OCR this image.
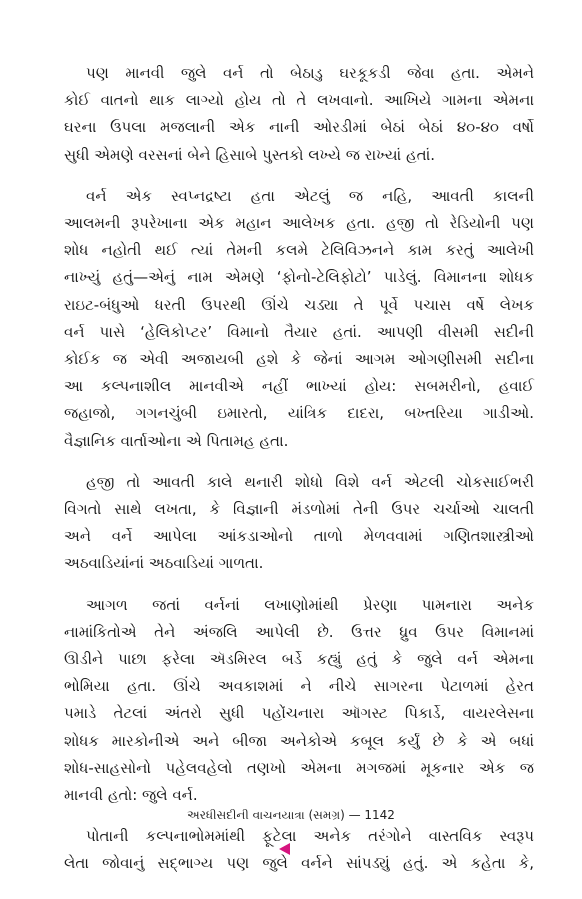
પણ માનવી જુલે વર્ન તો બેઠાડુ ઘરકૂકડી જેવા હતા. એમને
કોઈ વાતનો થાક લાગ્યો હોય તો તે લખવાનો. આખિયે ગામના એમના
ઘરના ઉપલા મજલાની એક નાની ઓરડીમાં બેઠાં બેઠાં ૪૦-૪૦ વર્ષો
સુધી એમણે વરસનાં બેને હિસાબે પુસ્તકો લખ્યે જ રાખ્યાં હતાં.
વર્ન એક સ્વપ્નદ્રષ્ટા હતા એટલું જ નહિ, આવતી કાલની
આલમની રૂપરેખાના એક મહાન આલેખક હતા. હજી તો રેડિયોની પણ
શોધ નહોતી થઈ ત્યાં તેમની કલમે ટેલિવિઝનને કામ કરતું આલેખી
નાખ્યું હતું—એનું નામ એમણે ‘ફોનો-ટેલિફોટો’ પાડેલું. વિમાનના શોધક
રાઇટ-બંધુઓ ધરતી ઉપરથી ઊંચે ચડ્યા તે પૂર્વે પચાસ વર્ષે લેખક
વર્ન પાસે ‘હેલિકોપ્ટર’ વિમાનો તૈયાર હતાં. આપણી વીસમી સદીની
કોઈક જ એવી અજાયબી હશે કે જેનાં આગમ ઓગણીસમી સદીના
આ કલ્પનાશીલ માનવીએ નહીં ભાખ્યાં હોય: સબમરીનો, હવાઈ
જહાજો, ગગનચુંબી ઇમારતો, યાંત્રિક દાદરા, બખ્તરિયા ગાડીઓ.
વૈજ્ઞાનિક વાર્તાઓના એ પિતામહ હતા.
હજી તો આવતી કાલે થનારી શોધો વિશે વર્ન એટલી ચોકસાઈભરી
વિગતો સાથે લખતા, કે વિજ્ઞાની મંડળોમાં તેની ઉપર ચર્ચાઓ ચાલતી
અને વર્ને આપેલા આંકડાઓનો તાળો મેળવવામાં ગણિતશાસ્ત્રીઓ
અઠવાડિયાંનાં અઠવાડિયાં ગાળતા.
આગળ જતાં વર્નનાં લખાણોમાંથી પ્રેરણા પામનારા અનેક
નામાંકિતોએ તેને અંજલિ આપેલી છે. ઉત્તર ધ્રુવ ઉપર વિમાનમાં
ઊડીને પાછા ફરેલા ઍડમિરલ બર્ડે કહ્યું હતું કે જુલે વર્ન એમના
ભોમિયા હતા. ઊંચે અવકાશમાં ને નીચે સાગરના પેટાળમાં હેરત
પમાડે તેટલાં અંતરો સુધી પહોંચનારા ઑગસ્ટ પિકાર્ડે, વાયરલેસના
શોધક મારકોનીએ અને બીજા અનેકોએ કબૂલ કર્યું છે કે એ બધાં
શોધ-સાહસોનો પહેલવહેલો તણખો એમના મગજમાં મૂકનાર એક જ
માનવી હતો: જુલે વર્ન.
પોતાની કલ્પનાભોમમાંથી ફૂટેલા અનેક તરંગોને વાસ્તવિક સ્વરૂપ
લેતા જોવાનું સદ્ભાગ્ય પણ જુલે વર્નને સાંપડ્યું હતું. એ કહેતા કે,
અરધીસદીની વાચનયાત્રા (સમગ્ર) — 1142
